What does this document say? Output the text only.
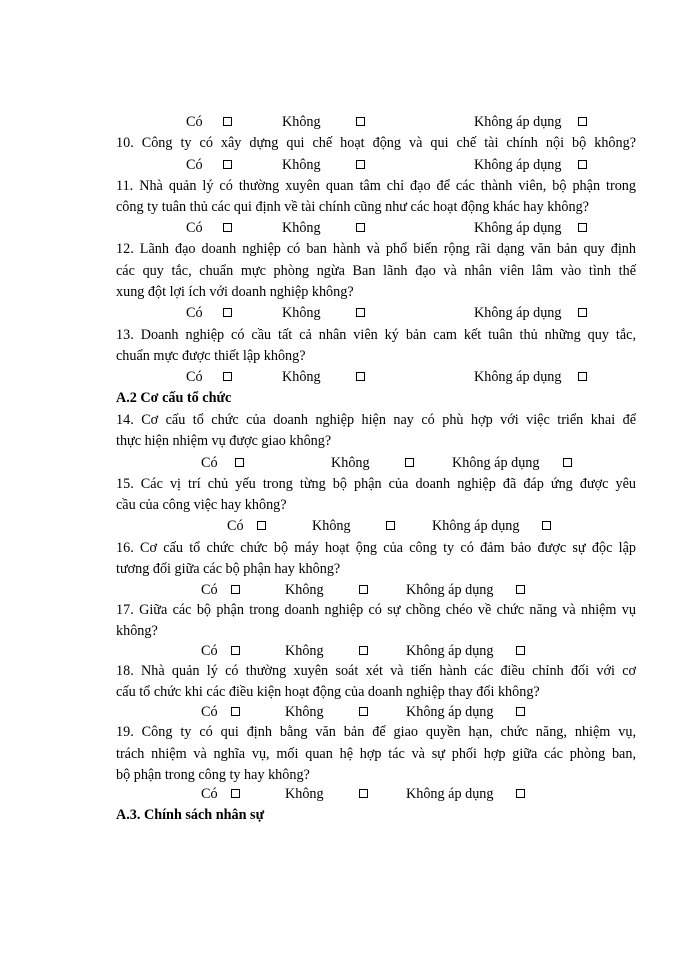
Có	Không	Không áp dụng
10. Công ty có xây dựng qui chế hoạt động và qui chế tài chính nội bộ không?
Có	Không	Không áp dụng
11. Nhà quản lý có thường xuyên quan tâm chỉ đạo để các thành viên, bộ phận trong
công ty tuân thủ các qui định về tài chính cũng như các hoạt động khác hay không?
Có	Không	Không áp dụng
12. Lãnh đạo doanh nghiệp có ban hành và phổ biến rộng rãi dạng văn bản quy định
các quy tắc, chuẩn mực phòng ngừa Ban lãnh đạo và nhân viên lâm vào tình thế
xung đột lợi ích với doanh nghiệp không?
Có	Không	Không áp dụng
13. Doanh nghiệp có cầu tất cả nhân viên ký bản cam kết tuân thủ những quy tắc,
chuẩn mực được thiết lập không?
Có	Không	Không áp dụng
A.2 Cơ cấu tổ chức
14. Cơ cấu tổ chức của doanh nghiệp hiện nay có phù hợp với việc triển khai để
thực hiện nhiệm vụ được giao không?
Có	Không	Không áp dụng
15. Các vị trí chủ yếu trong từng bộ phận của doanh nghiệp đã đáp ứng được yêu
cầu của công việc hay không?
Có	Không	Không áp dụng
16. Cơ cấu tổ chức chức bộ máy hoạt ộng của công ty có đảm bảo được sự độc lập
tương đối giữa các bộ phận hay không?
Có	Không	Không áp dụng
17. Giữa các bộ phận trong doanh nghiệp có sự chồng chéo về chức năng và nhiệm vụ
không?
Có	Không	Không áp dụng
18. Nhà quản lý có thường xuyên soát xét và tiến hành các điều chỉnh đối với cơ
cấu tổ chức khi các điều kiện hoạt động của doanh nghiệp thay đổi không?
Có	Không	Không áp dụng
19. Công ty có qui định bằng văn bản để giao quyền hạn, chức năng, nhiệm vụ,
trách nhiệm và nghĩa vụ, mối quan hệ hợp tác và sự phối hợp giữa các phòng ban,
bộ phận trong công ty hay không?
Có	Không	Không áp dụng
A.3. Chính sách nhân sự
